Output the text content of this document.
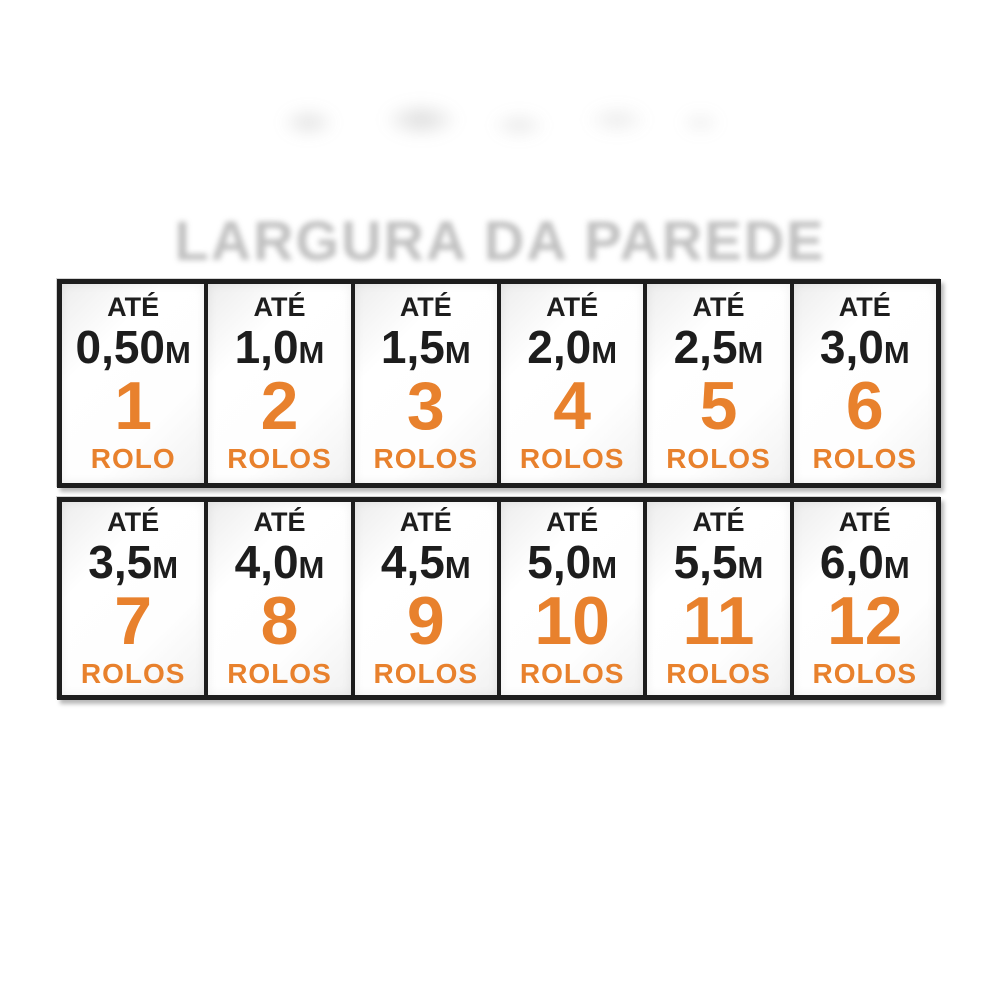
LARGURA DA PAREDE
ATÉ
0,50M
1
ROLO
ATÉ
1,0M
2
ROLOS
ATÉ
1,5M
3
ROLOS
ATÉ
2,0M
4
ROLOS
ATÉ
2,5M
5
ROLOS
ATÉ
3,0M
6
ROLOS
ATÉ
3,5M
7
ROLOS
ATÉ
4,0M
8
ROLOS
ATÉ
4,5M
9
ROLOS
ATÉ
5,0M
10
ROLOS
ATÉ
5,5M
11
ROLOS
ATÉ
6,0M
12
ROLOS
